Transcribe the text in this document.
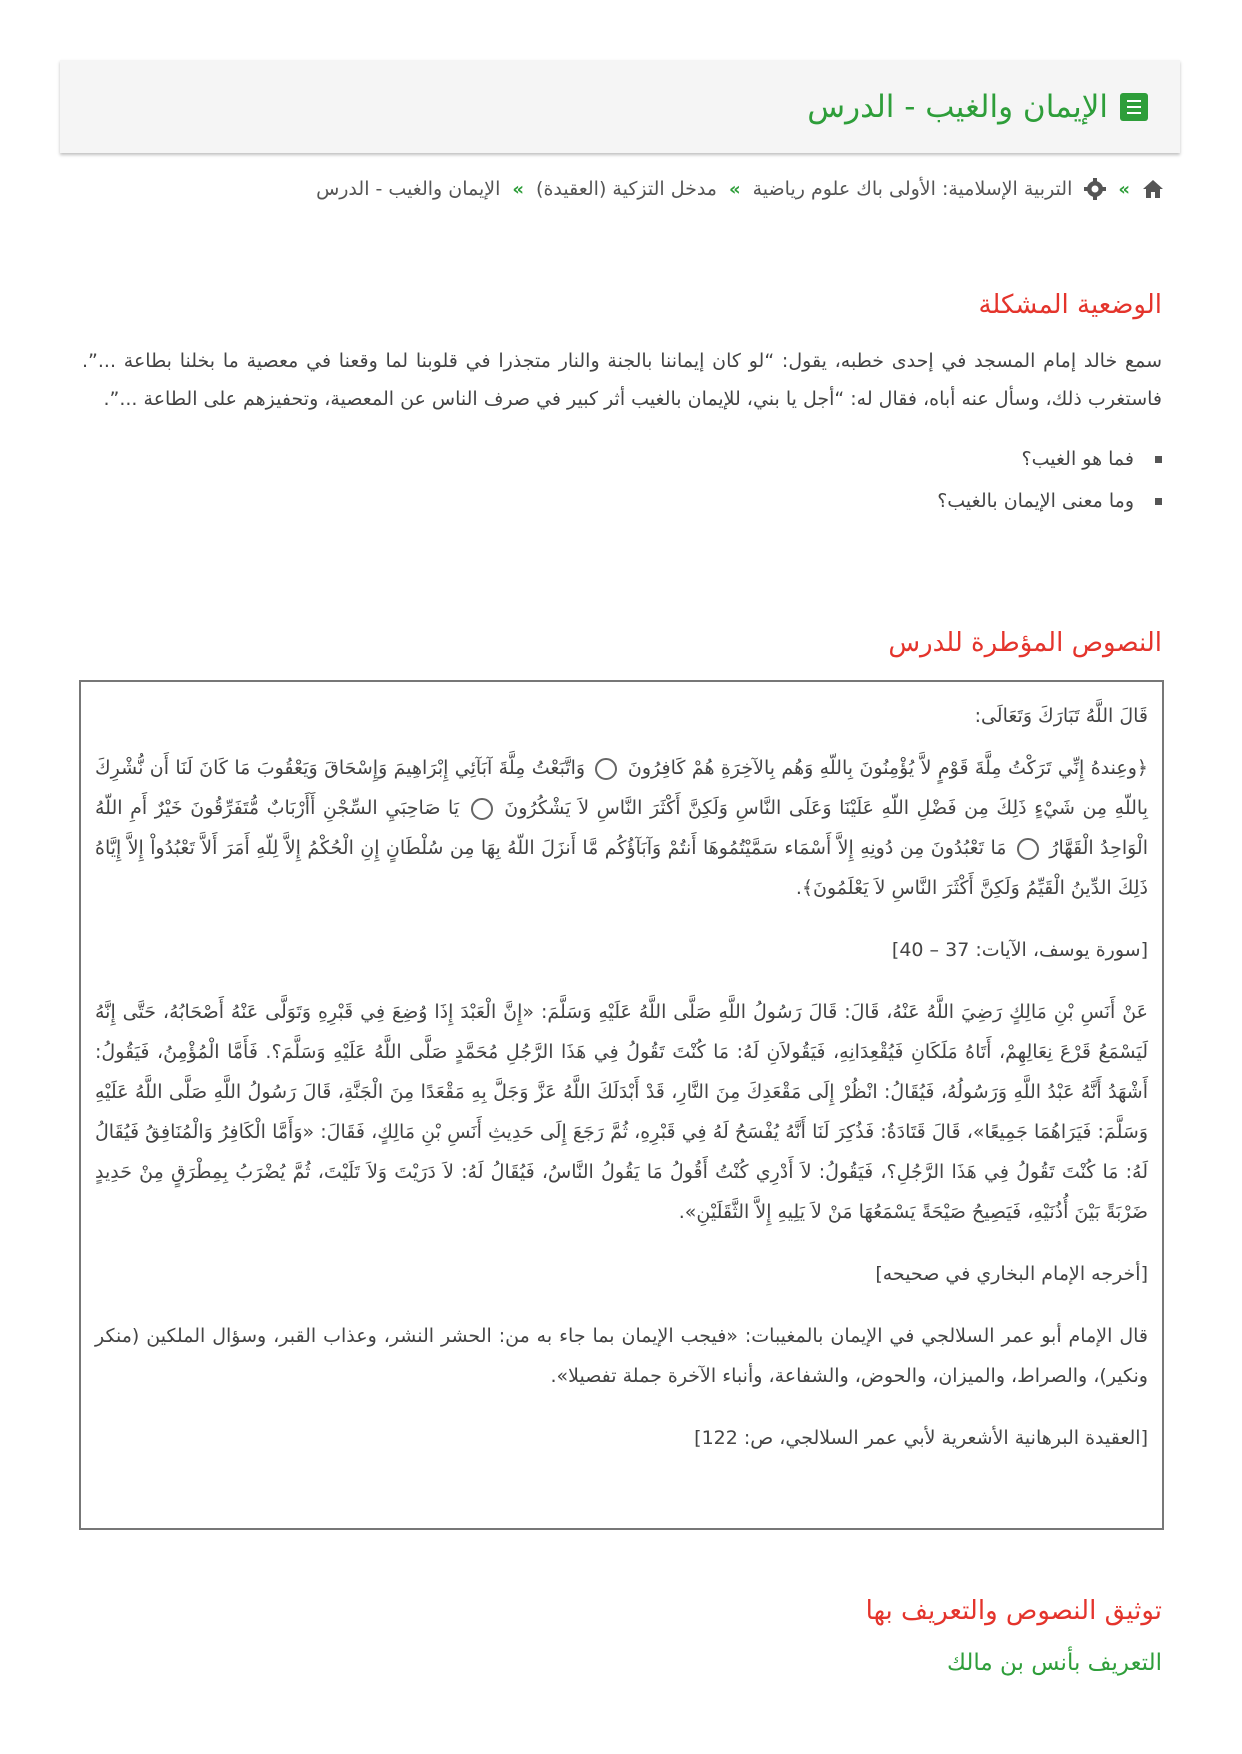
الإيمان والغيب - الدرس
»
التربية الإسلامية: الأولى باك علوم رياضية
»
مدخل التزكية (العقيدة)
»
الإيمان والغيب - الدرس
الوضعية المشكلة

سمع خالد إمام المسجد في إحدى خطبه، يقول: “لو كان إيماننا بالجنة والنار متجذرا في قلوبنا لما وقعنا في معصية ما بخلنا بطاعة ...”. فاستغرب ذلك، وسأل عنه أباه، فقال له: “أجل يا بني، للإيمان بالغيب أثر كبير في صرف الناس عن المعصية، وتحفيزهم على الطاعة ...”.

فما هو الغيب؟
وما معنى الإيمان بالغيب؟
النصوص المؤطرة للدرس

قَالَ اللَّهُ تَبَارَكَ وَتَعَالَى:

﴿وعِندهُ إِنِّي تَرَكْتُ مِلَّةَ قَوْمٍ لاَّ يُؤْمِنُونَ بِاللّهِ وَهُم بِالآخِرَةِ هُمْ كَافِرُونَ  وَاتَّبَعْتُ مِلَّةَ آبَآئِي إِبْرَاهِيمَ وَإِسْحَاقَ وَيَعْقُوبَ مَا كَانَ لَنَا أَن نُّشْرِكَ بِاللّهِ مِن شَيْءٍ ذَلِكَ مِن فَضْلِ اللّهِ عَلَيْنَا وَعَلَى النَّاسِ وَلَكِنَّ أَكْثَرَ النَّاسِ لاَ يَشْكُرُونَ  يَا صَاحِبَيِ السِّجْنِ أَأَرْبَابٌ مُّتَفَرِّقُونَ خَيْرٌ أَمِ اللّهُ الْوَاحِدُ الْقَهَّارُ  مَا تَعْبُدُونَ مِن دُونِهِ إِلاَّ أَسْمَاء سَمَّيْتُمُوهَا أَنتُمْ وَآبَآؤُكُم مَّا أَنزَلَ اللّهُ بِهَا مِن سُلْطَانٍ إِنِ الْحُكْمُ إِلاَّ لِلّهِ أَمَرَ أَلاَّ تَعْبُدُواْ إِلاَّ إِيَّاهُ ذَلِكَ الدِّينُ الْقَيِّمُ وَلَكِنَّ أَكْثَرَ النَّاسِ لاَ يَعْلَمُونَ﴾.

[سورة يوسف، الآيات: 37 – 40]

عَنْ أَنَسِ بْنِ مَالِكٍ رَضِيَ اللَّهُ عَنْهُ، قَالَ: قَالَ رَسُولُ اللَّهِ صَلَّى اللَّهُ عَلَيْهِ وَسَلَّمَ: «إِنَّ الْعَبْدَ إِذَا وُضِعَ فِي قَبْرِهِ وَتَوَلَّى عَنْهُ أَصْحَابُهُ، حَتَّى إِنَّهُ لَيَسْمَعُ قَرْعَ نِعَالِهِمْ، أَتَاهُ مَلَكَانِ فَيُقْعِدَانِهِ، فَيَقُولاَنِ لَهُ: مَا كُنْتَ تَقُولُ فِي هَذَا الرَّجُلِ مُحَمَّدٍ صَلَّى اللَّهُ عَلَيْهِ وَسَلَّمَ؟. فَأَمَّا الْمُؤْمِنُ، فَيَقُولُ: أَشْهَدُ أَنَّهُ عَبْدُ اللَّهِ وَرَسُولُهُ، فَيُقَالُ: انْظُرْ إِلَى مَقْعَدِكَ مِنَ النَّارِ، قَدْ أَبْدَلَكَ اللَّهُ عَزَّ وَجَلَّ بِهِ مَقْعَدًا مِنَ الْجَنَّةِ، قَالَ رَسُولُ اللَّهِ صَلَّى اللَّهُ عَلَيْهِ وَسَلَّمَ: فَيَرَاهُمَا جَمِيعًا»، قَالَ قَتَادَةُ: فَذُكِرَ لَنَا أَنَّهُ يُفْسَحُ لَهُ فِي قَبْرِهِ، ثُمَّ رَجَعَ إِلَى حَدِيثِ أَنَسِ بْنِ مَالِكٍ، فَقَالَ: «وَأَمَّا الْكَافِرُ وَالْمُنَافِقُ فَيُقَالُ لَهُ: مَا كُنْتَ تَقُولُ فِي هَذَا الرَّجُلِ؟، فَيَقُولُ: لاَ أَدْرِي كُنْتُ أَقُولُ مَا يَقُولُ النَّاسُ، فَيُقَالُ لَهُ: لاَ دَرَيْتَ وَلاَ تَلَيْتَ، ثُمَّ يُضْرَبُ بِمِطْرَقٍ مِنْ حَدِيدٍ ضَرْبَةً بَيْنَ أُذُنَيْهِ، فَيَصِيحُ صَيْحَةً يَسْمَعُهَا مَنْ لاَ يَلِيهِ إِلاَّ الثَّقَلَيْنِ».

[أخرجه الإمام البخاري في صحيحه]

قال الإمام أبو عمر السلالجي في الإيمان بالمغيبات: «فيجب الإيمان بما جاء به من: الحشر النشر، وعذاب القبر، وسؤال الملكين (منكر ونكير)، والصراط، والميزان، والحوض، والشفاعة، وأنباء الآخرة جملة تفصيلا».

[العقيدة البرهانية الأشعرية لأبي عمر السلالجي، ص: 122]

توثيق النصوص والتعريف بها
التعريف بأنس بن مالك
